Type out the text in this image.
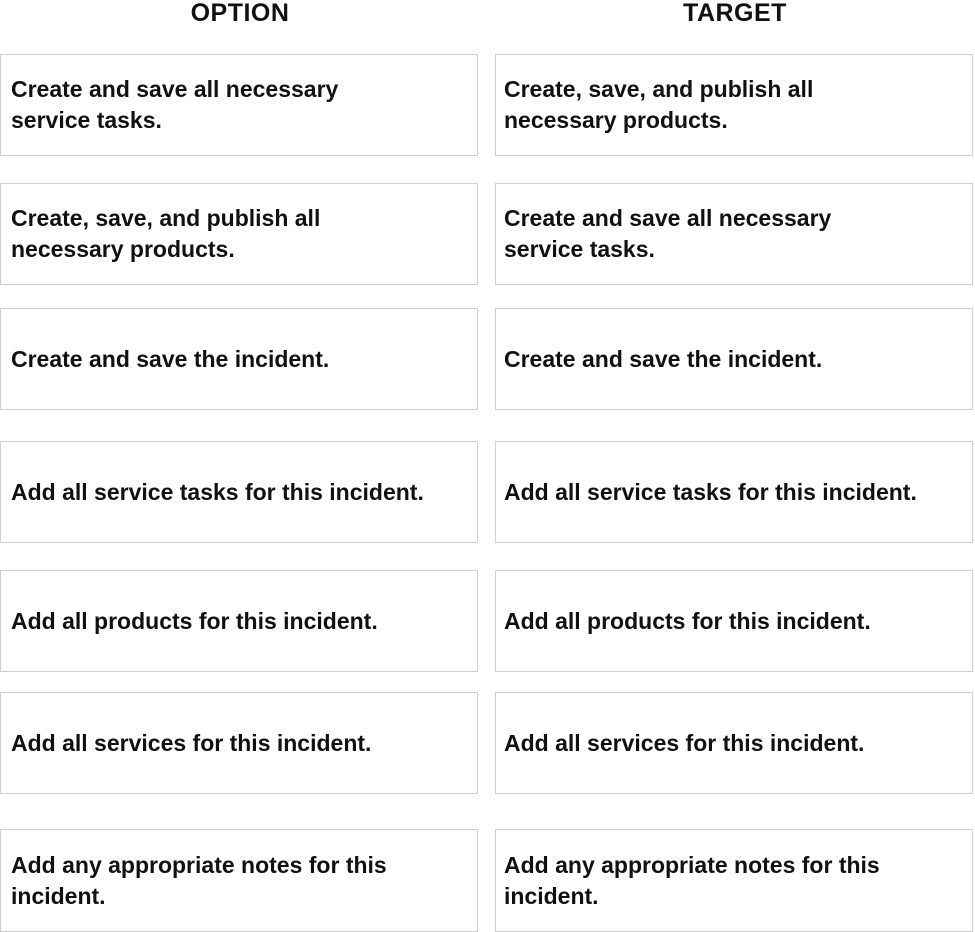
OPTION	TARGET
Create and save all necessary
service tasks.
Create, save, and publish all
necessary products.
Create and save the incident.
Add all service tasks for this incident.
Add all products for this incident.
Add all services for this incident.
Add any appropriate notes for this
incident.
Create, save, and publish all
necessary products.
Create and save all necessary
service tasks.
Create and save the incident.
Add all service tasks for this incident.
Add all products for this incident.
Add all services for this incident.
Add any appropriate notes for this
incident.
